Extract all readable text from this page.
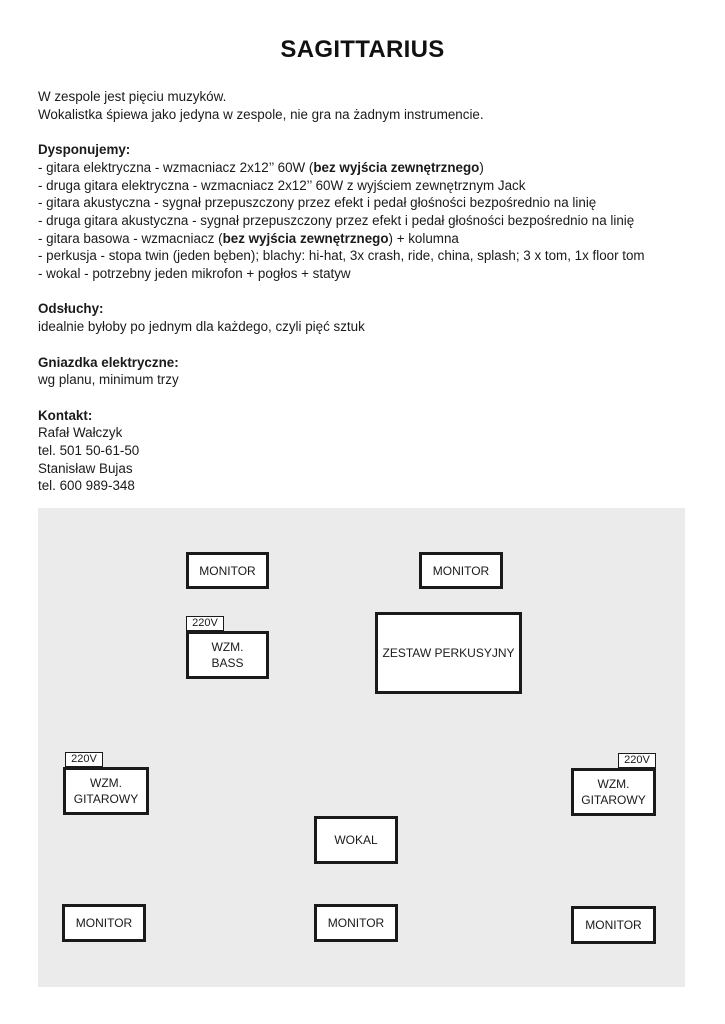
SAGITTARIUS

W zespole jest pięciu muzyków.

Wokalistka śpiewa jako jedyna w zespole, nie gra na żadnym instrumencie.

Dysponujemy:

- gitara elektryczna - wzmacniacz 2x12’’ 60W (bez wyjścia zewnętrznego)

- druga gitara elektryczna - wzmacniacz 2x12’’ 60W z wyjściem zewnętrznym Jack

- gitara akustyczna - sygnał przepuszczony przez efekt i pedał głośności bezpośrednio na linię

- druga gitara akustyczna - sygnał przepuszczony przez efekt i pedał głośności bezpośrednio na linię

- gitara basowa - wzmacniacz (bez wyjścia zewnętrznego) + kolumna

- perkusja - stopa twin (jeden bęben); blachy: hi-hat, 3x crash, ride, china, splash; 3 x tom, 1x floor tom

- wokal - potrzebny jeden mikrofon + pogłos + statyw

Odsłuchy:

idealnie byłoby po jednym dla każdego, czyli pięć sztuk

Gniazdka elektryczne:

wg planu, minimum trzy

Kontakt:

Rafał Wałczyk

tel. 501 50-61-50

Stanisław Bujas

tel. 600 989-348

MONITOR	MONITOR
220V
WZM.
BASS
ZESTAW PERKUSYJNY
220V
WZM.
GITAROWY
220V
WZM.
GITAROWY
WOKAL
MONITOR	MONITOR	MONITOR
